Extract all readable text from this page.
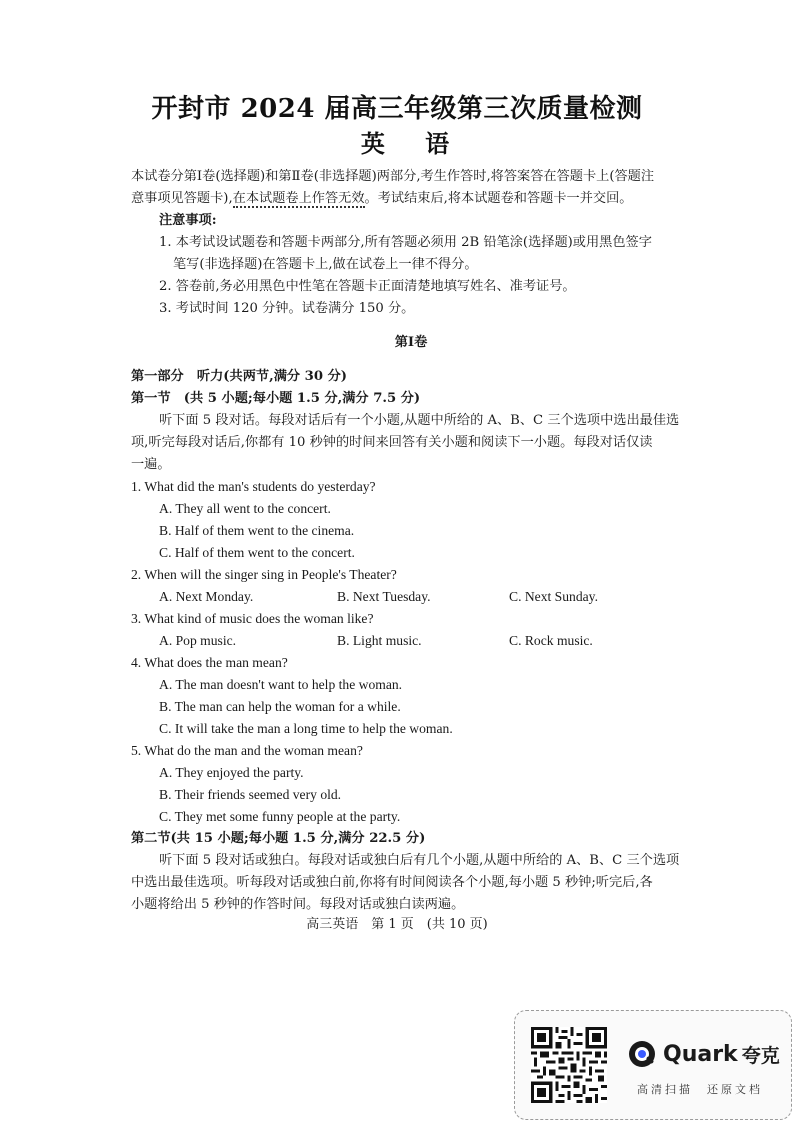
开封市 2024 届高三年级第三次质量检测
英 语
本试卷分第Ⅰ卷(选择题)和第Ⅱ卷(非选择题)两部分,考生作答时,将答案答在答题卡上(答题注
意事项见答题卡),在本试题卷上作答无效。考试结束后,将本试题卷和答题卡一并交回。
注意事项:
1. 本考试设试题卷和答题卡两部分,所有答题必须用 2B 铅笔涂(选择题)或用黑色签字
笔写(非选择题)在答题卡上,做在试卷上一律不得分。
2. 答卷前,务必用黑色中性笔在答题卡正面清楚地填写姓名、准考证号。
3. 考试时间 120 分钟。试卷满分 150 分。
第Ⅰ卷
第一部分　听力(共两节,满分 30 分)
第一节　(共 5 小题;每小题 1.5 分,满分 7.5 分)
听下面 5 段对话。每段对话后有一个小题,从题中所给的 A、B、C 三个选项中选出最佳选
项,听完每段对话后,你都有 10 秒钟的时间来回答有关小题和阅读下一小题。每段对话仅读
一遍。
1. What did the man's students do yesterday?
A. They all went to the concert.
B. Half of them went to the cinema.
C. Half of them went to the concert.
2. When will the singer sing in People's Theater?
A. Next Monday.	B. Next Tuesday.	C. Next Sunday.
3. What kind of music does the woman like?
A. Pop music.	B. Light music.	C. Rock music.
4. What does the man mean?
A. The man doesn't want to help the woman.
B. The man can help the woman for a while.
C. It will take the man a long time to help the woman.
5. What do the man and the woman mean?
A. They enjoyed the party.
B. Their friends seemed very old.
C. They met some funny people at the party.
第二节(共 15 小题;每小题 1.5 分,满分 22.5 分)
听下面 5 段对话或独白。每段对话或独白后有几个小题,从题中所给的 A、B、C 三个选项
中选出最佳选项。听每段对话或独白前,你将有时间阅读各个小题,每小题 5 秒钟;听完后,各
小题将给出 5 秒钟的作答时间。每段对话或独白读两遍。
高三英语　第 1 页　(共 10 页)
Quark 夸克
高清扫描　还原文档
